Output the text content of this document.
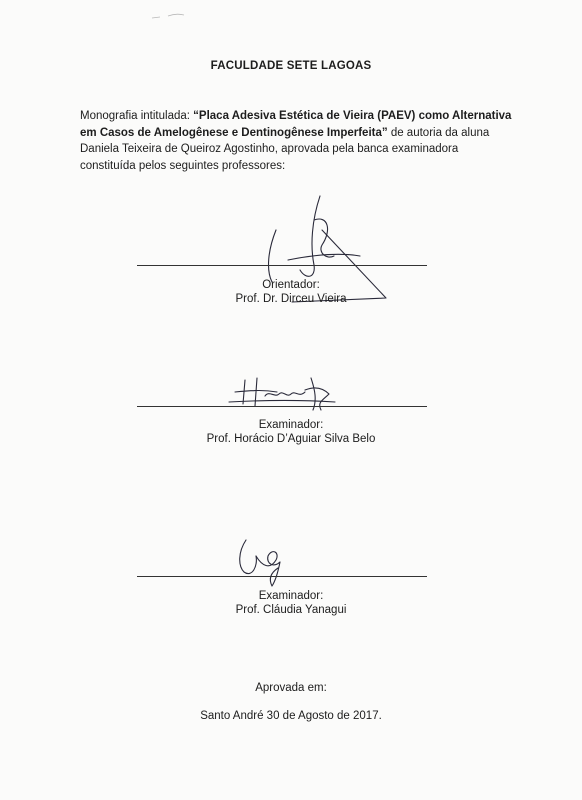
FACULDADE SETE LAGOAS
Monografia intitulada: “Placa Adesiva Estética de Vieira (PAEV) como Alternativa em Casos de Amelogênese e Dentinogênese Imperfeita” de autoria da aluna Daniela Teixeira de Queiroz Agostinho, aprovada pela banca examinadora constituída pelos seguintes professores:
Orientador:
Prof. Dr. Dirceu Vieira
Examinador:
Prof. Horácio D’Aguiar Silva Belo
Examinador:
Prof. Cláudia Yanagui
Aprovada em:
Santo André 30 de Agosto de 2017.
